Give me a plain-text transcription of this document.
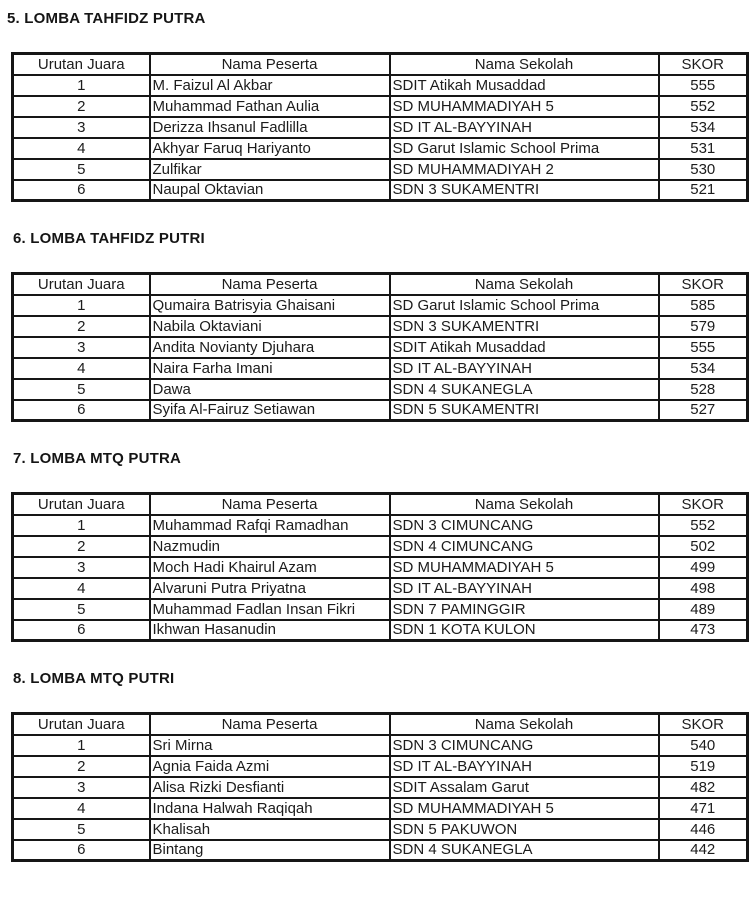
5. LOMBA TAHFIDZ PUTRA
Urutan Juara	Nama Peserta	Nama Sekolah	SKOR
1	M. Faizul Al Akbar	SDIT Atikah Musaddad	555
2	Muhammad Fathan Aulia	SD MUHAMMADIYAH 5	552
3	Derizza Ihsanul Fadlilla	SD IT AL-BAYYINAH	534
4	Akhyar Faruq Hariyanto	SD Garut Islamic School Prima	531
5	Zulfikar	SD MUHAMMADIYAH 2	530
6	Naupal Oktavian	SDN 3 SUKAMENTRI	521
6. LOMBA TAHFIDZ PUTRI
Urutan Juara	Nama Peserta	Nama Sekolah	SKOR
1	Qumaira Batrisyia Ghaisani	SD Garut Islamic School Prima	585
2	Nabila Oktaviani	SDN 3 SUKAMENTRI	579
3	Andita Novianty Djuhara	SDIT Atikah Musaddad	555
4	Naira Farha Imani	SD IT AL-BAYYINAH	534
5	Dawa	SDN 4 SUKANEGLA	528
6	Syifa Al-Fairuz Setiawan	SDN 5 SUKAMENTRI	527
7. LOMBA MTQ PUTRA
Urutan Juara	Nama Peserta	Nama Sekolah	SKOR
1	Muhammad Rafqi Ramadhan	SDN 3 CIMUNCANG	552
2	Nazmudin	SDN 4 CIMUNCANG	502
3	Moch Hadi Khairul Azam	SD MUHAMMADIYAH 5	499
4	Alvaruni Putra Priyatna	SD IT AL-BAYYINAH	498
5	Muhammad Fadlan Insan Fikri	SDN 7 PAMINGGIR	489
6	Ikhwan Hasanudin	SDN 1 KOTA KULON	473
8. LOMBA MTQ PUTRI
Urutan Juara	Nama Peserta	Nama Sekolah	SKOR
1	Sri Mirna	SDN 3 CIMUNCANG	540
2	Agnia Faida Azmi	SD IT AL-BAYYINAH	519
3	Alisa Rizki Desfianti	SDIT Assalam Garut	482
4	Indana Halwah Raqiqah	SD MUHAMMADIYAH 5	471
5	Khalisah	SDN 5 PAKUWON	446
6	Bintang	SDN 4 SUKANEGLA	442
